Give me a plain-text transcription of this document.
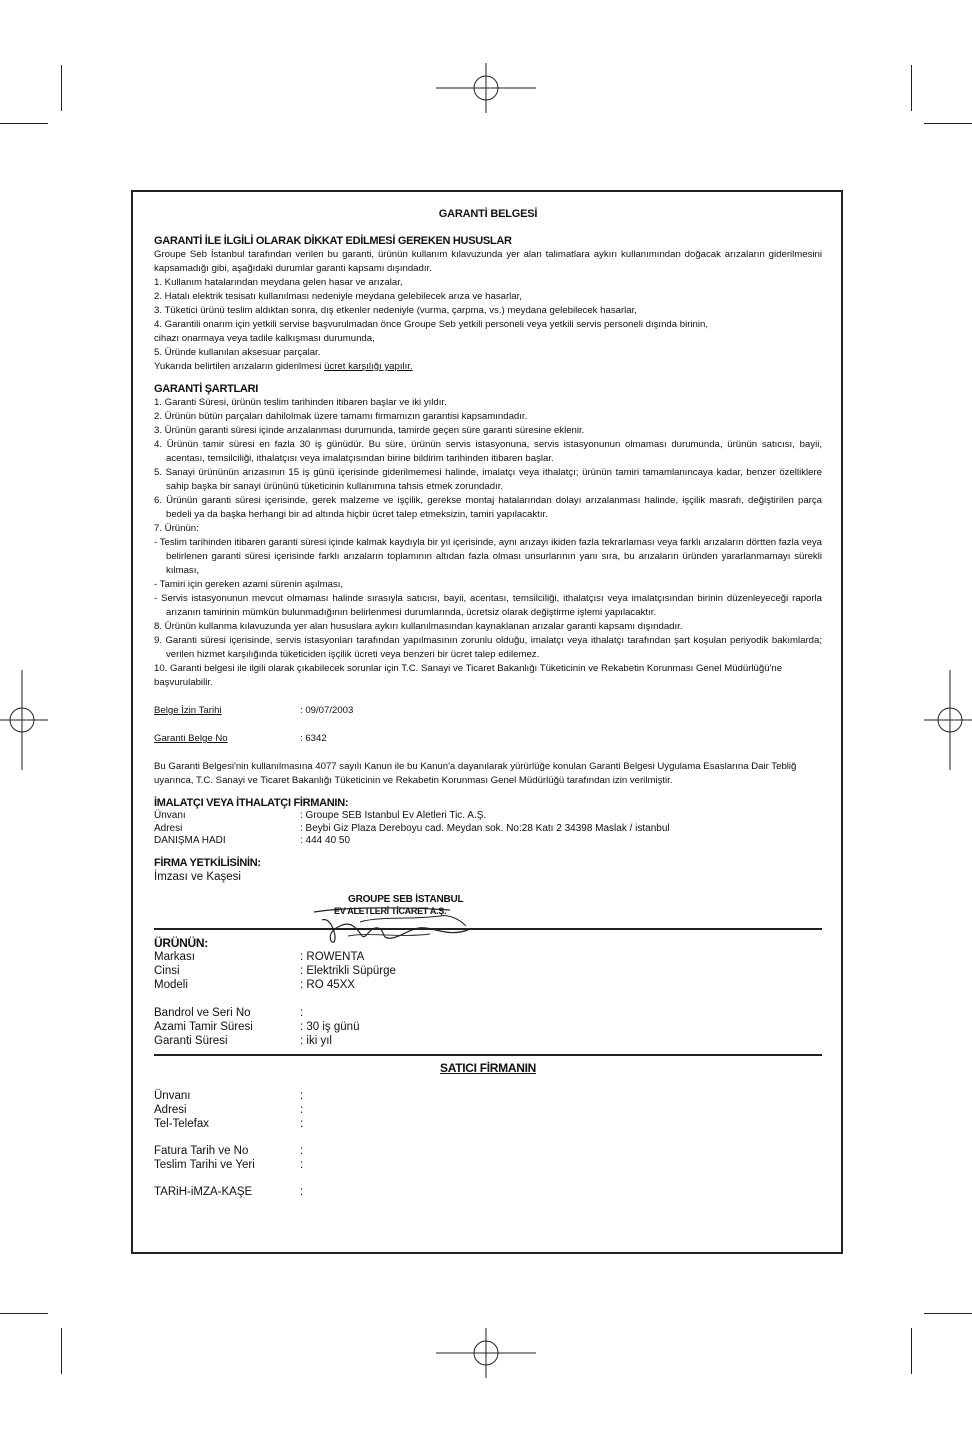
GARANTİ BELGESİ
GARANTİ İLE İLGİLİ OLARAK DİKKAT EDİLMESİ GEREKEN HUSUSLAR
Groupe Seb İstanbul tarafından verilen bu garanti, ürünün kullanım kılavuzunda yer alan talimatlara aykırı kullanımından doğacak arızaların giderilmesini kapsamadığı gibi, aşağıdaki durumlar garanti kapsamı dışındadır.
1. Kullanım hatalarından meydana gelen hasar ve arızalar,
2. Hatalı elektrik tesisatı kullanılması nedeniyle meydana gelebilecek arıza ve hasarlar,
3. Tüketici ürünü teslim aldıktan sonra, dış etkenler nedeniyle (vurma, çarpma, vs.) meydana gelebilecek hasarlar,
4. Garantili onarım için yetkili servise başvurulmadan önce Groupe Seb yetkili personeli veya yetkili servis personeli dışında birinin,
cihazı onarmaya veya tadile kalkışması durumunda,
5. Üründe kullanılan aksesuar parçalar.
Yukarıda belirtilen arızaların giderilmesi ücret karşılığı yapılır.
GARANTİ ŞARTLARI
1. Garanti Süresi, ürünün teslim tarihinden itibaren başlar ve iki yıldır.
2. Ürünün bütün parçaları dahilolmak üzere tamamı firmamızın garantisi kapsamındadır.
3. Ürünün garanti süresi içinde arızalanması durumunda, tamirde geçen süre garanti süresine eklenir.
4. Ürünün tamir süresi en fazla 30 iş günüdür. Bu süre, ürünün servis istasyonuna, servis istasyonunun olmaması durumunda, ürünün satıcısı, bayii, acentası, temsilciliği, ithalatçısı veya imalatçısından birine bildirim tarihinden itibaren başlar.
5. Sanayi ürününün arızasının 15 iş günü içerisinde giderilmemesi halinde, imalatçı veya ithalatçı; ürünün tamiri tamamlanıncaya kadar, benzer özelliklere sahip başka bir sanayi ürününü tüketicinin kullanımına tahsis etmek zorundadır.
6. Ürünün garanti süresi içerisinde, gerek malzeme ve işçilik, gerekse montaj hatalarından dolayı arızalanması halinde, işçilik masrafı, değiştirilen parça bedeli ya da başka herhangi bir ad altında hiçbir ücret talep etmeksizin, tamiri yapılacaktır.
7. Ürünün:
- Teslim tarihinden itibaren garanti süresi içinde kalmak kaydıyla bir yıl içerisinde, aynı arızayı ikiden fazla tekrarlaması veya farklı arızaların dörtten fazla veya belirlenen garanti süresi içerisinde farklı arızaların toplamının altıdan fazla olması unsurlarının yanı sıra, bu arızaların üründen yararlanmamayı sürekli kılması,
- Tamiri için gereken azami sürenin aşılması,
- Servis istasyonunun mevcut olmaması halinde sırasıyla satıcısı, bayii, acentası, temsilciliği, ithalatçısı veya imalatçısından birinin düzenleyeceği raporla arızanın tamirinin mümkün bulunmadığının belirlenmesi durumlarında, ücretsiz olarak değiştirme işlemi yapılacaktır.
8. Ürünün kullanma kılavuzunda yer alan hususlara aykırı kullanılmasından kaynaklanan arızalar garanti kapsamı dışındadır.
9. Garanti süresi içerisinde, servis istasyonları tarafından yapılmasının zorunlu olduğu, imalatçı veya ithalatçı tarafından şart koşulan periyodik bakımlarda; verilen hizmet karşılığında tüketiciden işçilik ücreti veya benzeri bir ücret talep edilemez.
10. Garanti belgesi ile ilgili olarak çıkabilecek sorunlar için T.C. Sanayi ve Ticaret Bakanlığı Tüketicinin ve Rekabetin Korunması Genel Müdürlüğü'ne başvurulabilir.
Belge İzin Tarihi	: 09/07/2003
Garanti Belge No	: 6342
Bu Garanti Belgesi'nin kullanılmasına 4077 sayılı Kanun ile bu Kanun'a dayanılarak yürürlüğe konulan Garanti Belgesi Uygulama Esaslarına Dair Tebliğ uyarınca, T.C. Sanayi ve Ticaret Bakanlığı Tüketicinin ve Rekabetin Korunması Genel Müdürlüğü tarafından izin verilmiştir.
İMALATÇI VEYA İTHALATÇI FİRMANIN:
Ünvanı	: Groupe SEB Istanbul Ev Aletleri Tic. A.Ş.
Adresi	: Beybi Giz Plaza Dereboyu cad. Meydan sok. No:28 Katı 2 34398 Maslak / istanbul
DANIŞMA HADI	: 444 40 50
FİRMA YETKİLİSİNİN:
İmzası ve Kaşesi
ÜRÜNÜN:
Markası	: ROWENTA
Cinsi	: Elektrikli Süpürge
Modeli	: RO 45XX
Bandrol ve Seri No	:
Azami Tamir Süresi	: 30 iş günü
Garanti Süresi	: iki yıl
SATICI FİRMANIN
Ünvanı	:
Adresi	:
Tel-Telefax	:
Fatura Tarih ve No	:
Teslim Tarihi ve Yeri	:
TARiH-iMZA-KAŞE	:
GROUPE SEB İSTANBUL
EV ALETLERİ TİCARET A.Ş.
